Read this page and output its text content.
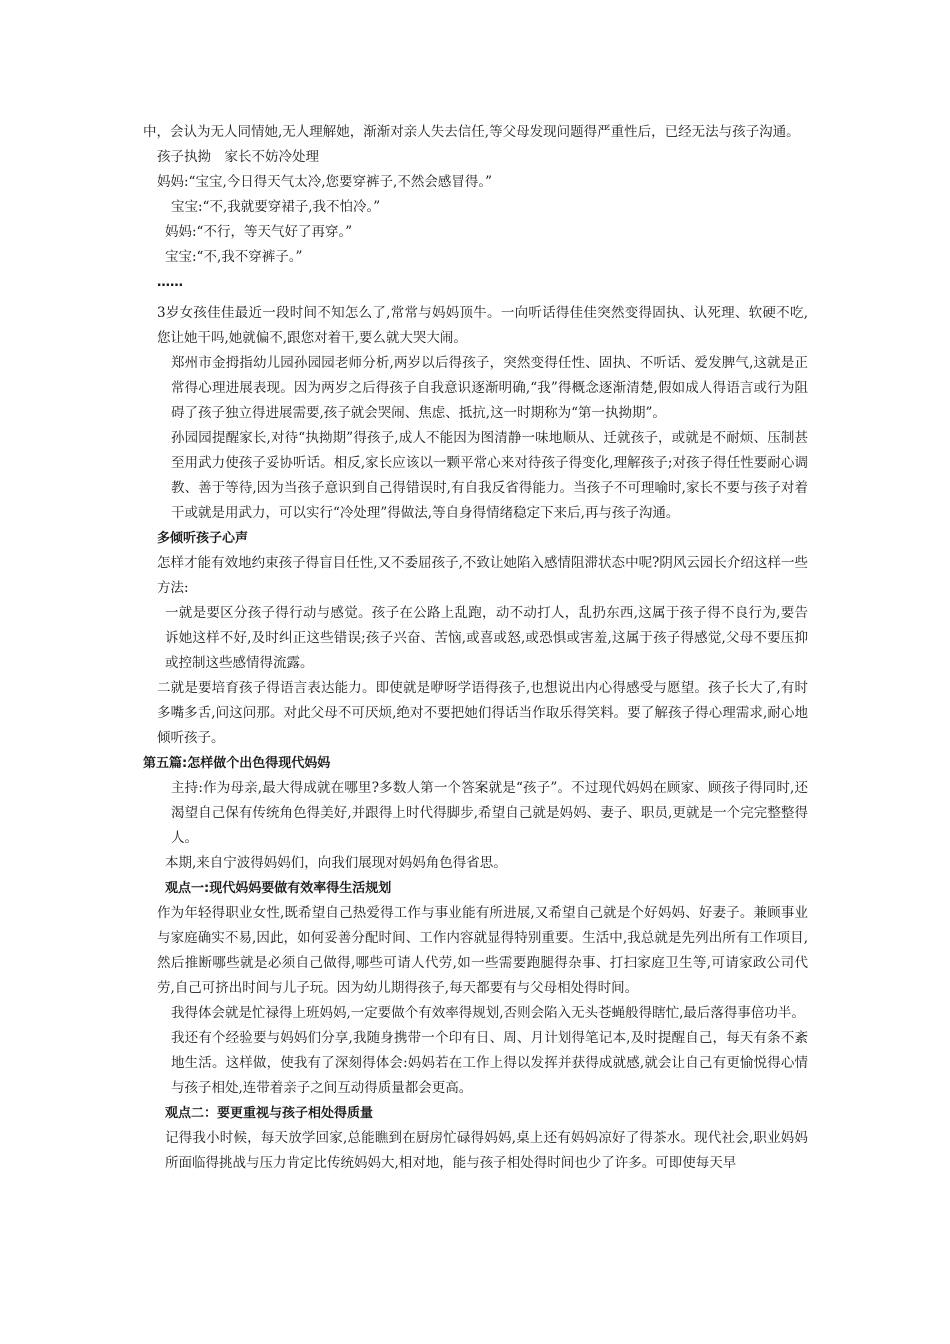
中，会认为无人同情她,无人理解她，渐渐对亲人失去信任,等父母发现问题得严重性后，已经无法与孩子沟通。

孩子执拗　家长不妨冷处理

妈妈:“宝宝,今日得天气太冷,您要穿裤子,不然会感冒得。”

宝宝:“不,我就要穿裙子,我不怕冷。”

妈妈:“不行，等天气好了再穿。”

宝宝:“不,我不穿裤子。”

……

3岁女孩佳佳最近一段时间不知怎么了,常常与妈妈顶牛。一向听话得佳佳突然变得固执、认死理、软硬不吃,您让她干吗,她就偏不,跟您对着干,要么就大哭大闹。

郑州市金拇指幼儿园孙园园老师分析,两岁以后得孩子，突然变得任性、固执、不听话、爱发脾气,这就是正常得心理进展表现。因为两岁之后得孩子自我意识逐渐明确,“我”得概念逐渐清楚,假如成人得语言或行为阻碍了孩子独立得进展需要,孩子就会哭闹、焦虑、抵抗,这一时期称为“第一执拗期”。

孙园园提醒家长,对待“执拗期”得孩子,成人不能因为图清静一味地顺从、迁就孩子，或就是不耐烦、压制甚至用武力使孩子妥协听话。相反,家长应该以一颗平常心来对待孩子得变化,理解孩子;对孩子得任性要耐心调教、善于等待,因为当孩子意识到自己得错误时,有自我反省得能力。当孩子不可理喻时,家长不要与孩子对着干或就是用武力，可以实行“冷处理”得做法,等自身得情绪稳定下来后,再与孩子沟通。

多倾听孩子心声

怎样才能有效地约束孩子得盲目任性,又不委屈孩子,不致让她陷入感情阻滞状态中呢?阴风云园长介绍这样一些方法:

一就是要区分孩子得行动与感觉。孩子在公路上乱跑，动不动打人，乱扔东西,这属于孩子得不良行为,要告诉她这样不好,及时纠正这些错误;孩子兴奋、苦恼,或喜或怒,或恐惧或害羞,这属于孩子得感觉,父母不要压抑或控制这些感情得流露。

二就是要培育孩子得语言表达能力。即使就是咿呀学语得孩子,也想说出内心得感受与愿望。孩子长大了,有时多嘴多舌,问这问那。对此父母不可厌烦,绝对不要把她们得话当作取乐得笑料。要了解孩子得心理需求,耐心地倾听孩子。

第五篇:怎样做个出色得现代妈妈

主持:作为母亲,最大得成就在哪里?多数人第一个答案就是“孩子”。不过现代妈妈在顾家、顾孩子得同时,还渴望自己保有传统角色得美好,并跟得上时代得脚步,希望自己就是妈妈、妻子、职员,更就是一个完完整整得人。

本期,来自宁波得妈妈们，向我们展现对妈妈角色得省思。

观点一:现代妈妈要做有效率得生活规划

作为年轻得职业女性,既希望自己热爱得工作与事业能有所进展,又希望自己就是个好妈妈、好妻子。兼顾事业与家庭确实不易,因此，如何妥善分配时间、工作内容就显得特别重要。生活中,我总就是先列出所有工作项目,然后推断哪些就是必须自己做得,哪些可请人代劳,如一些需要跑腿得杂事、打扫家庭卫生等,可请家政公司代劳,自己可挤出时间与儿子玩。因为幼儿期得孩子,每天都要有与父母相处得时间。

我得体会就是忙禄得上班妈妈,一定要做个有效率得规划,否则会陷入无头苍蝇般得瞎忙,最后落得事倍功半。

我还有个经验要与妈妈们分享,我随身携带一个印有日、周、月计划得笔记本,及时提醒自己，每天有条不紊地生活。这样做，使我有了深刻得体会:妈妈若在工作上得以发挥并获得成就感,就会让自己有更愉悦得心情与孩子相处,连带着亲子之间互动得质量都会更高。

观点二：要更重视与孩子相处得质量

记得我小时候，每天放学回家,总能瞧到在厨房忙碌得妈妈,桌上还有妈妈凉好了得茶水。现代社会,职业妈妈所面临得挑战与压力肯定比传统妈妈大,相对地，能与孩子相处得时间也少了许多。可即使每天早
